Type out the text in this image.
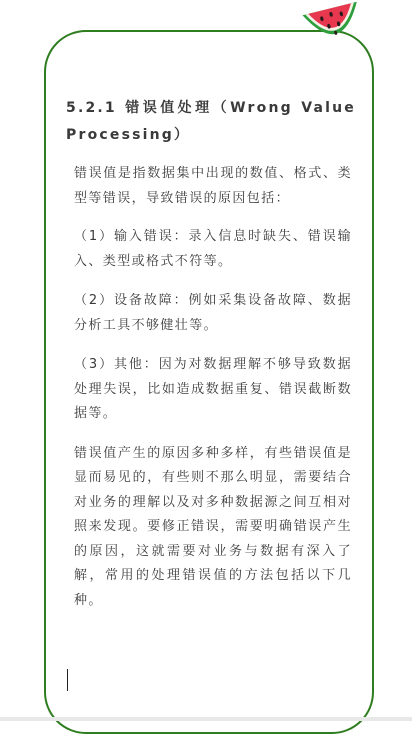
5.2.1 错误值处理（Wrong Value Processing）

错误值是指数据集中出现的数值、格式、类型等错误，导致错误的原因包括：

（1）输入错误：录入信息时缺失、错误输入、类型或格式不符等。

（2）设备故障：例如采集设备故障、数据分析工具不够健壮等。

（3）其他：因为对数据理解不够导致数据处理失误，比如造成数据重复、错误截断数据等。

错误值产生的原因多种多样，有些错误值是显而易见的，有些则不那么明显，需要结合对业务的理解以及对多种数据源之间互相对照来发现。要修正错误，需要明确错误产生的原因，这就需要对业务与数据有深入了解，常用的处理错误值的方法包括以下几种。
